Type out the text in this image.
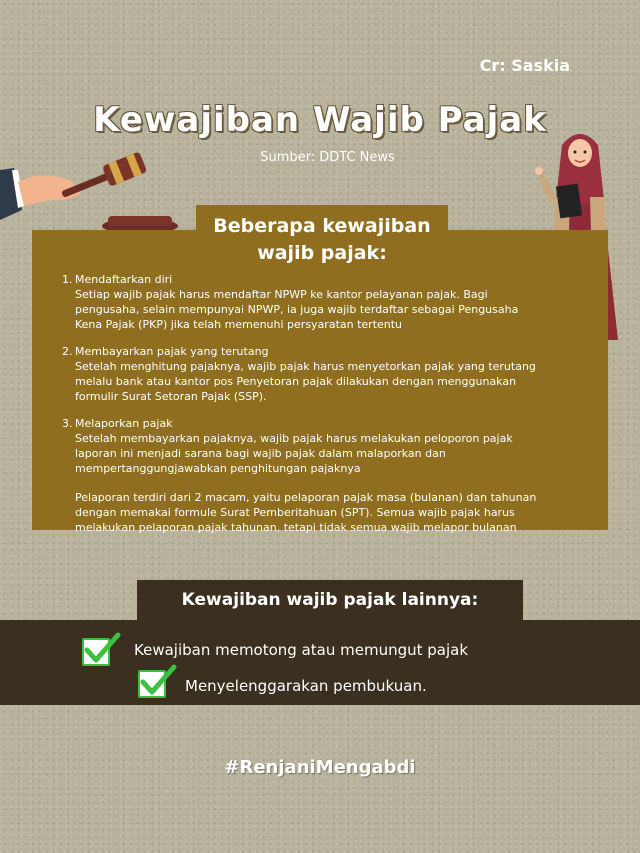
Cr: Saskia
Kewajiban Wajib Pajak
Sumber: DDTC News
Beberapa kewajiban
wajib pajak:
1. Mendaftarkan diri
Setiap wajib pajak harus mendaftar NPWP ke kantor pelayanan pajak. Bagi
pengusaha, selain mempunyai NPWP, ia juga wajib terdaftar sebagai Pengusaha
Kena Pajak (PKP) jika telah memenuhi persyaratan tertentu
2. Membayarkan pajak yang terutang
Setelah menghitung pajaknya, wajib pajak harus menyetorkan pajak yang terutang
melalu bank atau kantor pos Penyetoran pajak dilakukan dengan menggunakan
formulir Surat Setoran Pajak (SSP).
3. Melaporkan pajak
Setelah membayarkan pajaknya, wajib pajak harus melakukan peloporon pajak
laporan ini menjadi sarana bagi wajib pajak dalam malaporkan dan
mempertanggungjawabkan penghitungan pajaknya
Pelaporan terdiri dari 2 macam, yaitu pelaporan pajak masa (bulanan) dan tahunan
dengan memakai formule Surat Pemberitahuan (SPT). Semua wajib pajak harus
melakukan pelaporan pajak tahunan, tetapi tidak semua wajib melapor bulanan
Kewajiban wajib pajak lainnya:
Kewajiban memotong atau memungut pajak
Menyelenggarakan pembukuan.
#RenjaniMengabdi
